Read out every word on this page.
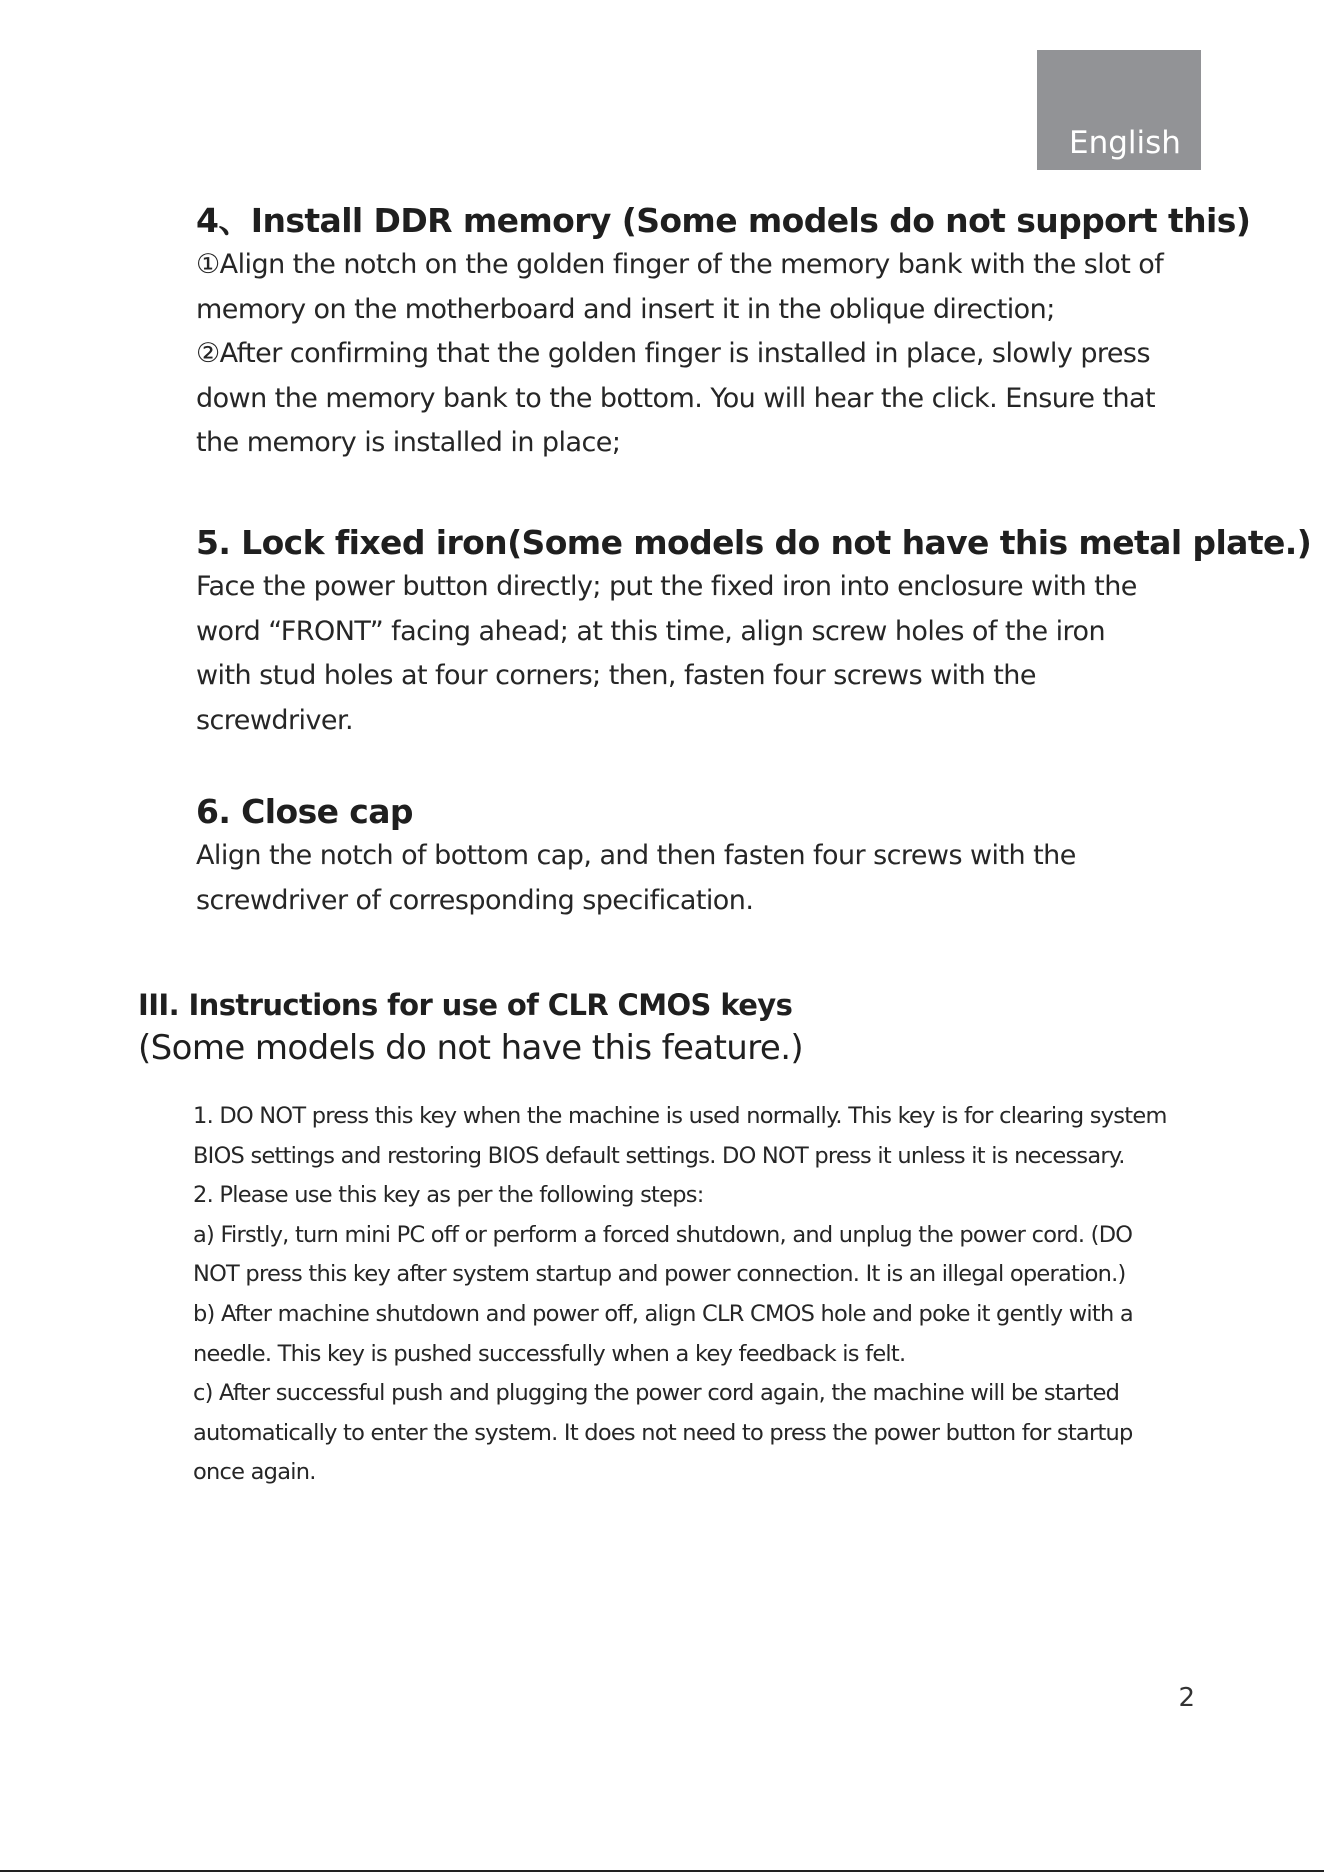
English
4、Install DDR memory (Some models do not support this)

①Align the notch on the golden finger of the memory bank with the slot of

memory on the motherboard and insert it in the oblique direction;

②After confirming that the golden finger is installed in place, slowly press

down the memory bank to the bottom. You will hear the click. Ensure that

the memory is installed in place;

5. Lock fixed iron(Some models do not have this metal plate.)

Face the power button directly; put the fixed iron into enclosure with the

word “FRONT” facing ahead; at this time, align screw holes of the iron

with stud holes at four corners; then, fasten four screws with the

screwdriver.

6. Close cap

Align the notch of bottom cap, and then fasten four screws with the

screwdriver of corresponding specification.

III. Instructions for use of CLR CMOS keys
(Some models do not have this feature.)

1. DO NOT press this key when the machine is used normally. This key is for clearing system

BIOS settings and restoring BIOS default settings. DO NOT press it unless it is necessary.

2. Please use this key as per the following steps:

a) Firstly, turn mini PC off or perform a forced shutdown, and unplug the power cord. (DO

NOT press this key after system startup and power connection. It is an illegal operation.)

b) After machine shutdown and power off, align CLR CMOS hole and poke it gently with a

needle. This key is pushed successfully when a key feedback is felt.

c) After successful push and plugging the power cord again, the machine will be started

automatically to enter the system. It does not need to press the power button for startup

once again.

2
